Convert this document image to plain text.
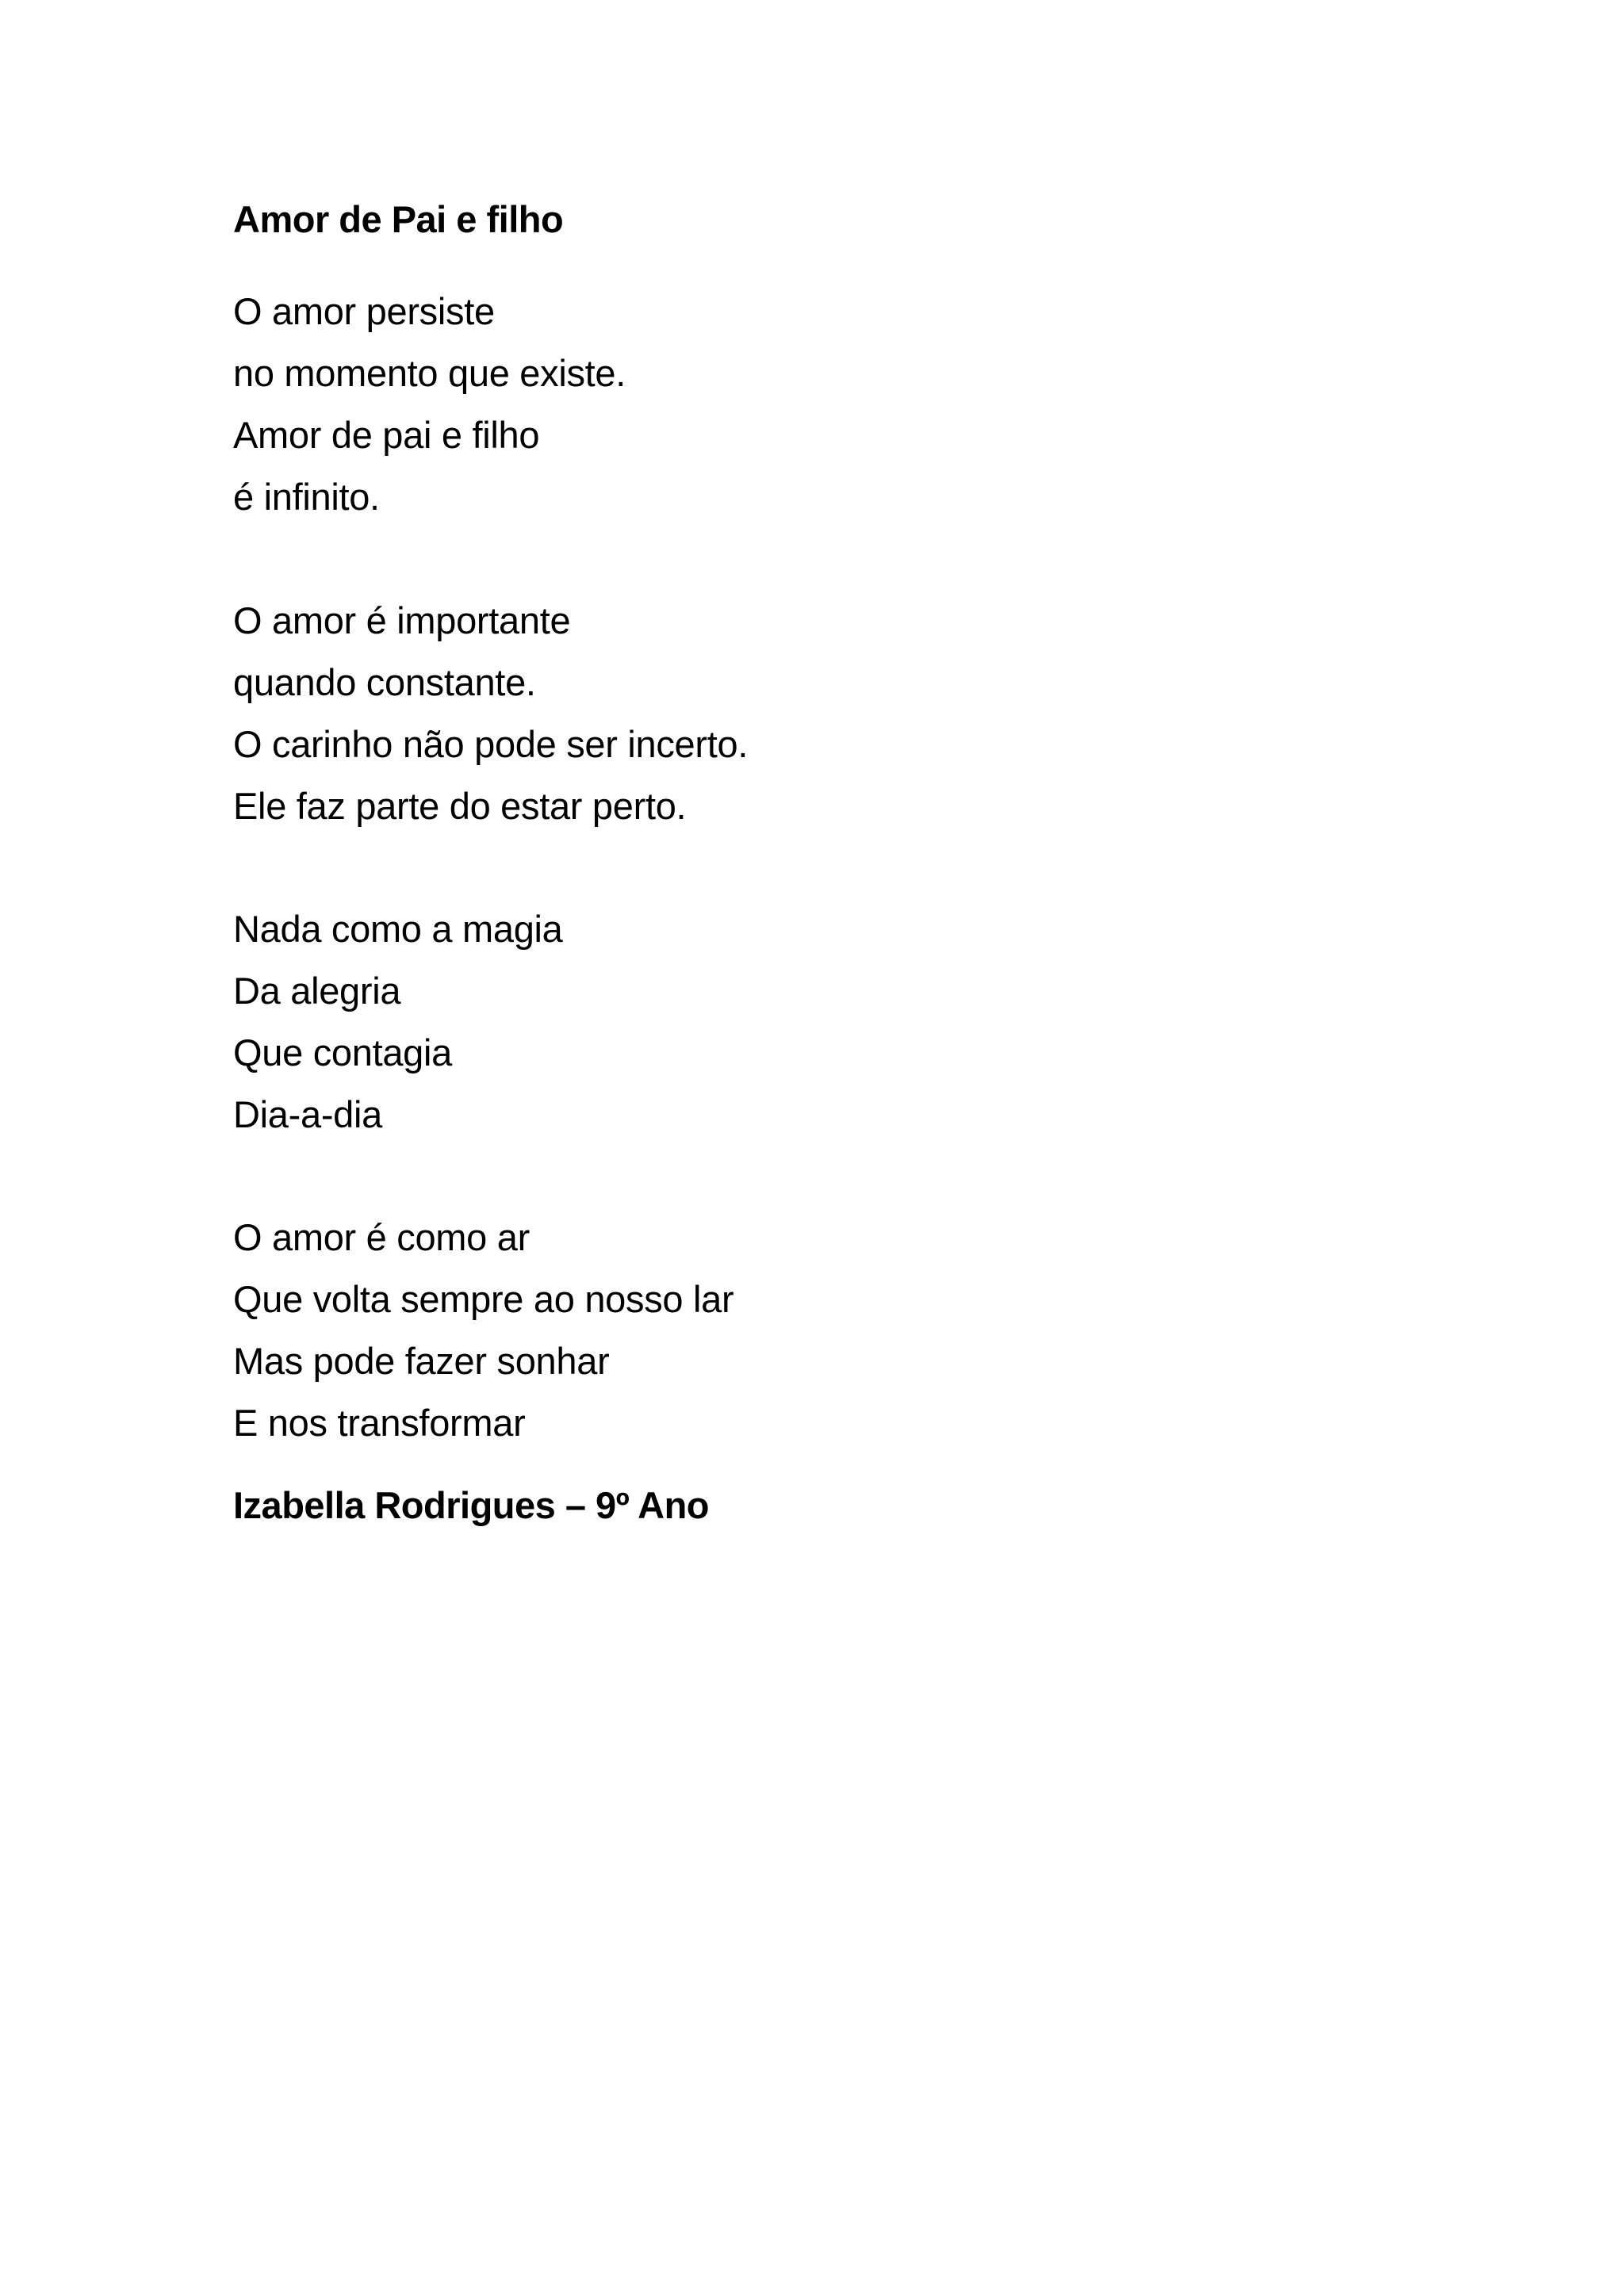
Amor de Pai e filho
O amor persiste
no momento que existe.
Amor de pai e filho
é infinito.
O amor é importante
quando constante.
O carinho não pode ser incerto.
Ele faz parte do estar perto.
Nada como a magia
Da alegria
Que contagia
Dia-a-dia
O amor é como ar
Que volta sempre ao nosso lar
Mas pode fazer sonhar
E nos transformar
Izabella Rodrigues – 9º Ano
